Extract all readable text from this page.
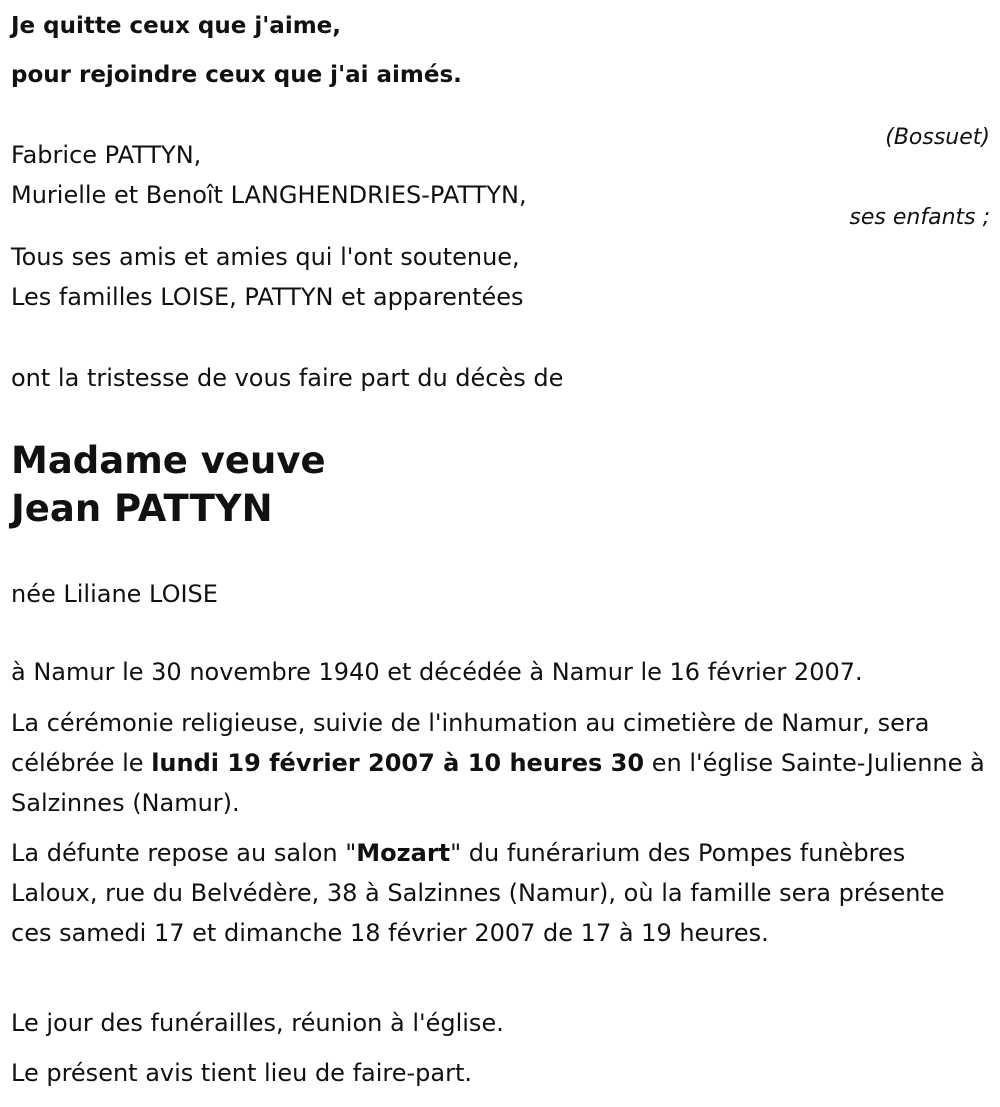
Je quitte ceux que j'aime,
pour rejoindre ceux que j'ai aimés.
(Bossuet)
Fabrice PATTYN,
Murielle et Benoît LANGHENDRIES-PATTYN,
ses enfants ;
Tous ses amis et amies qui l'ont soutenue,
Les familles LOISE, PATTYN et apparentées
ont la tristesse de vous faire part du décès de
Madame veuve
Jean PATTYN
née Liliane LOISE
à Namur le 30 novembre 1940 et décédée à Namur le 16 février 2007.
La cérémonie religieuse, suivie de l'inhumation au cimetière de Namur, sera célébrée le lundi 19 février 2007 à 10 heures 30 en l'église Sainte-Julienne à Salzinnes (Namur).
La défunte repose au salon "Mozart" du funérarium des Pompes funèbres Laloux, rue du Belvédère, 38 à Salzinnes (Namur), où la famille sera présente ces samedi 17 et dimanche 18 février 2007 de 17 à 19 heures.
Le jour des funérailles, réunion à l'église.
Le présent avis tient lieu de faire-part.
